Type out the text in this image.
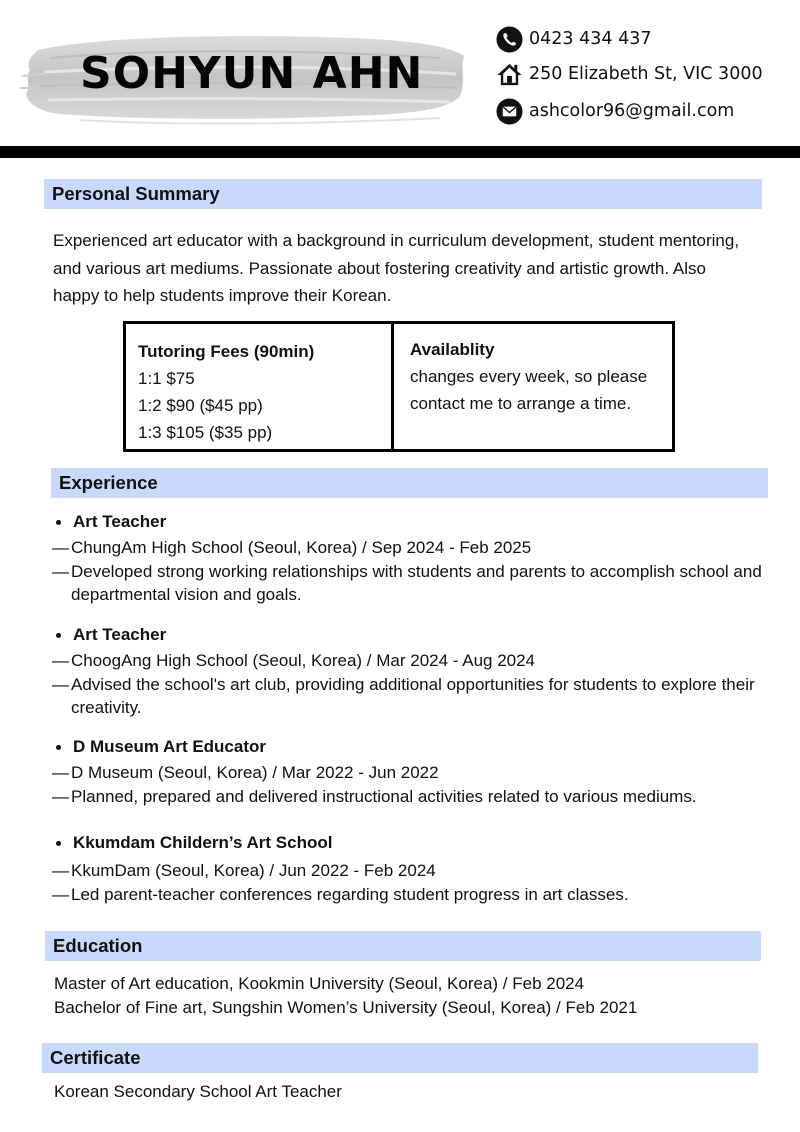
SOHYUN AHN
0423 434 437
250 Elizabeth St, VIC 3000
ashcolor96@gmail.com
Personal Summary
Experienced art educator with a background in curriculum development, student mentoring, and various art mediums. Passionate about fostering creativity and artistic growth. Also happy to help students improve their Korean.
Tutoring Fees (90min)
1:1 $75
1:2 $90 ($45 pp)
1:3 $105 ($35 pp)
Availablity
changes every week, so please contact me to arrange a time.
Experience
Art Teacher
— ChungAm High School (Seoul, Korea) / Sep 2024 - Feb 2025
— Developed strong working relationships with students and parents to accomplish school and departmental vision and goals.
Art Teacher
— ChoogAng High School (Seoul, Korea) / Mar 2024 - Aug 2024
— Advised the school's art club, providing additional opportunities for students to explore their creativity.
D Museum Art Educator
— D Museum (Seoul, Korea) / Mar 2022 - Jun 2022
— Planned, prepared and delivered instructional activities related to various mediums.
Kkumdam Childern’s Art School
— KkumDam (Seoul, Korea) / Jun 2022 - Feb 2024
— Led parent-teacher conferences regarding student progress in art classes.
Education
Master of Art education, Kookmin University (Seoul, Korea) / Feb 2024
Bachelor of Fine art, Sungshin Women’s University (Seoul, Korea) / Feb 2021
Certificate
Korean Secondary School Art Teacher
